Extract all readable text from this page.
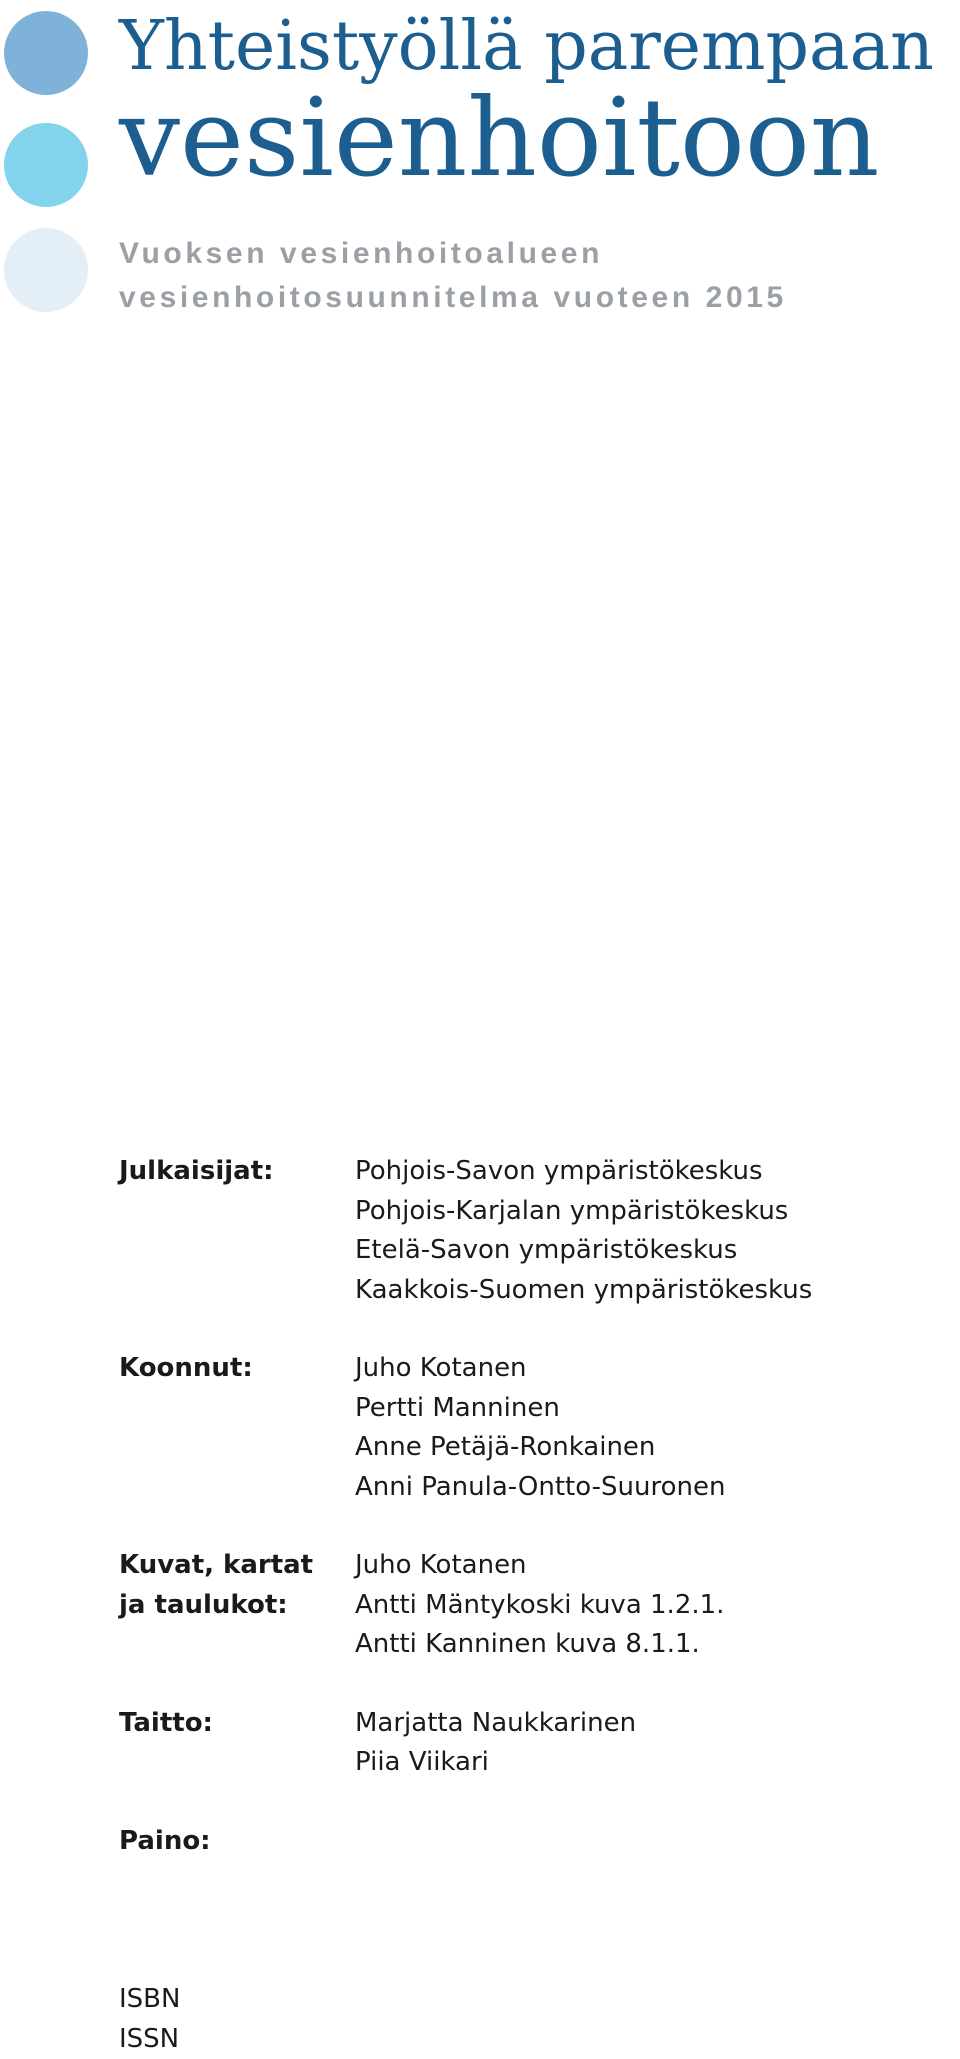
Yhteistyöllä parempaan
vesienhoitoon
Vuoksen vesienhoitoalueen
vesienhoitosuunnitelma vuoteen 2015
Julkaisijat:	Pohjois-Savon ympäristökeskus
Pohjois-Karjalan ympäristökeskus
Etelä-Savon ympäristökeskus
Kaakkois-Suomen ympäristökeskus
Koonnut:	Juho Kotanen
Pertti Manninen
Anne Petäjä-Ronkainen
Anni Panula-Ontto-Suuronen
Kuvat, kartat
ja taulukot:
Juho Kotanen
Antti Mäntykoski kuva 1.2.1.
Antti Kanninen kuva 8.1.1.
Taitto:	Marjatta Naukkarinen
Piia Viikari
Paino:
ISBN
ISSN
